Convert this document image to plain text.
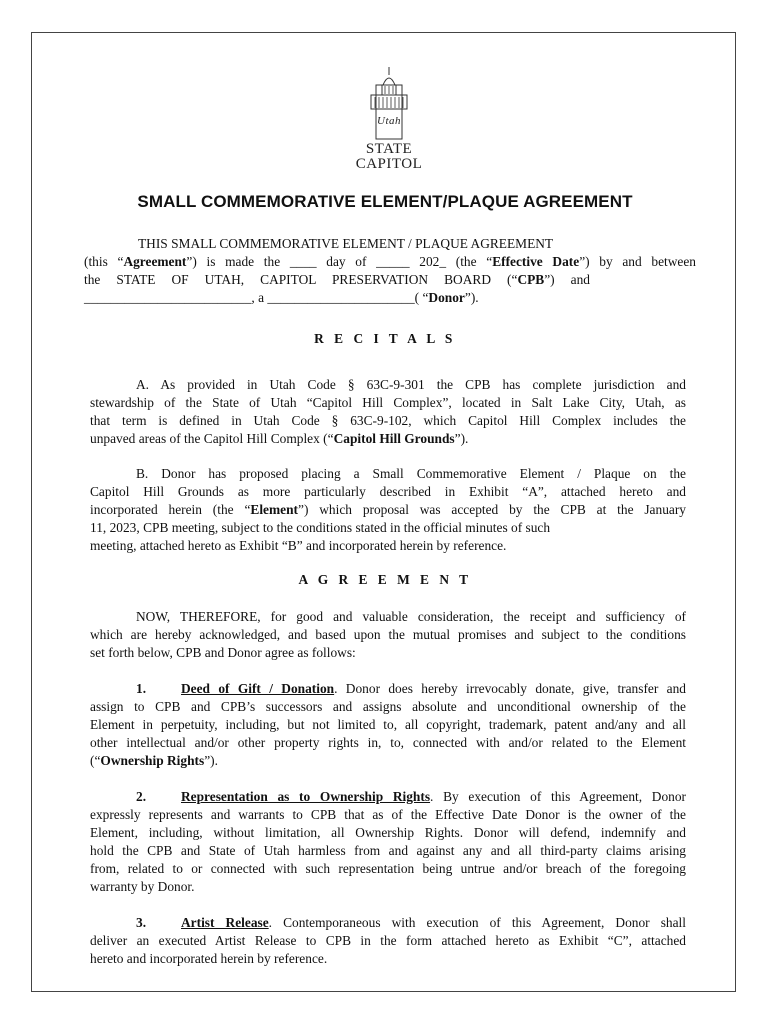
Utah
STATE
CAPITOL
SMALL COMMEMORATIVE ELEMENT/PLAQUE AGREEMENT
THIS SMALL COMMEMORATIVE ELEMENT / PLAQUE AGREEMENT
(this “Agreement”) is made the ____ day of _____ 202_ (the “Effective Date”) by and between
the STATE OF UTAH, CAPITOL PRESERVATION BOARD (“CPB”) and
_________________________, a ______________________( “Donor”).
R E C I T A L S
A. As provided in Utah Code § 63C-9-301 the CPB has complete jurisdiction and
stewardship of the State of Utah “Capitol Hill Complex”, located in Salt Lake City, Utah, as
that term is defined in Utah Code § 63C-9-102, which Capitol Hill Complex includes the
unpaved areas of the Capitol Hill Complex (“Capitol Hill Grounds”).
B. Donor has proposed placing a Small Commemorative Element / Plaque on the
Capitol Hill Grounds as more particularly described in Exhibit “A”, attached hereto and
incorporated herein (the “Element”) which proposal was accepted by the CPB at the January
11, 2023, CPB meeting, subject to the conditions stated in the official minutes of such
meeting, attached hereto as Exhibit “B” and incorporated herein by reference.
A G R E E M E N T
NOW, THEREFORE, for good and valuable consideration, the receipt and sufficiency of
which are hereby acknowledged, and based upon the mutual promises and subject to the conditions
set forth below, CPB and Donor agree as follows:
1.	Deed of Gift / Donation. Donor does hereby irrevocably donate, give, transfer and
assign to CPB and CPB’s successors and assigns absolute and unconditional ownership of the
Element in perpetuity, including, but not limited to, all copyright, trademark, patent and/any and all
other intellectual and/or other property rights in, to, connected with and/or related to the Element
(“Ownership Rights”).
2.	Representation as to Ownership Rights. By execution of this Agreement, Donor
expressly represents and warrants to CPB that as of the Effective Date Donor is the owner of the
Element, including, without limitation, all Ownership Rights. Donor will defend, indemnify and
hold the CPB and State of Utah harmless from and against any and all third-party claims arising
from, related to or connected with such representation being untrue and/or breach of the foregoing
warranty by Donor.
3.	Artist Release. Contemporaneous with execution of this Agreement, Donor shall
deliver an executed Artist Release to CPB in the form attached hereto as Exhibit “C”, attached
hereto and incorporated herein by reference.
